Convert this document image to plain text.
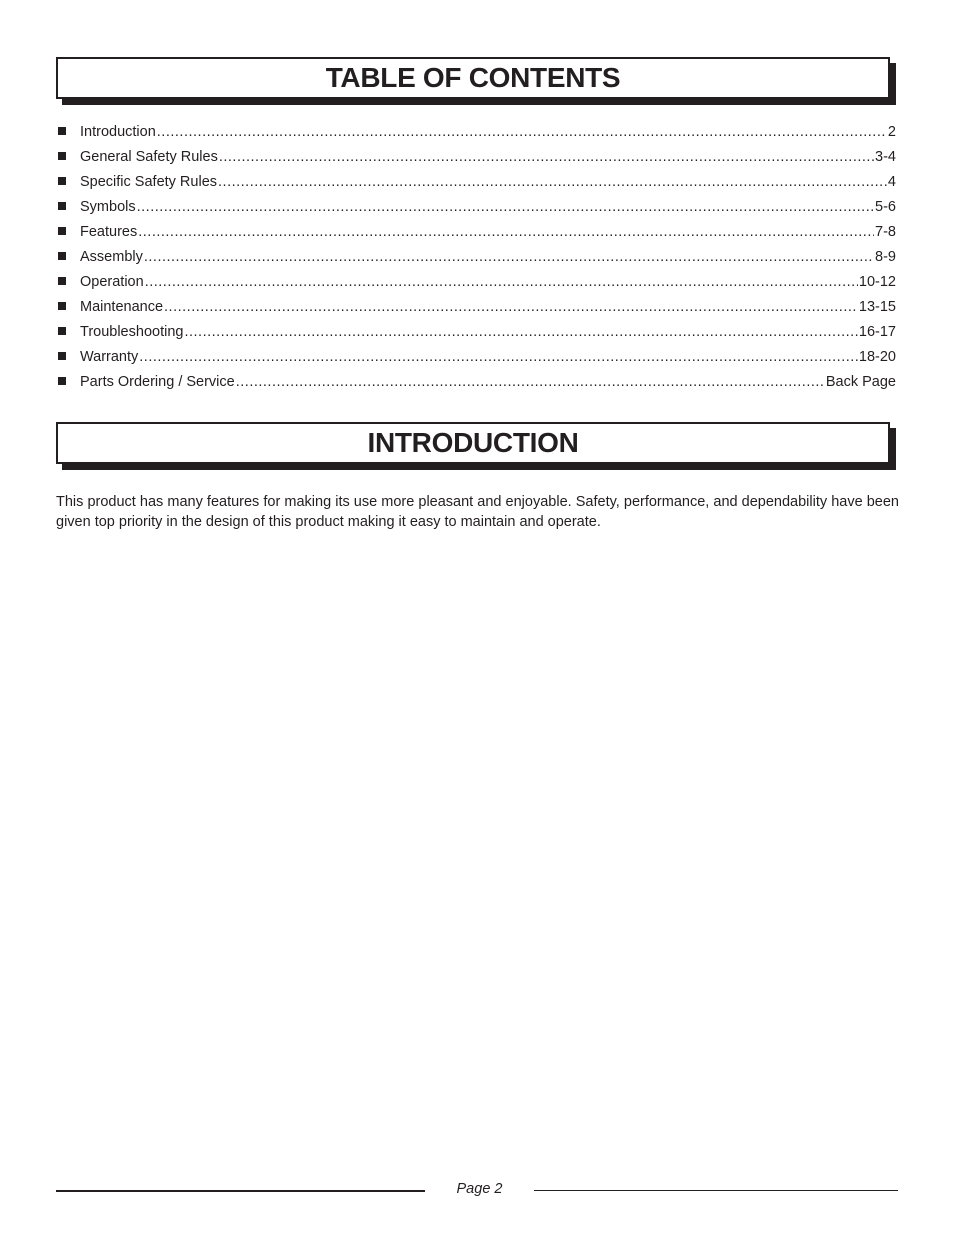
TABLE OF CONTENTS
Introduction .....	2
General Safety Rules .....	3-4
Specific Safety Rules .....	4
Symbols .....	5-6
Features .....	7-8
Assembly .....	8-9
Operation .....	10-12
Maintenance .....	13-15
Troubleshooting .....	16-17
Warranty .....	18-20
Parts Ordering / Service .....	Back Page
INTRODUCTION

This product has many features for making its use more pleasant and enjoyable. Safety, performance, and dependability have been given top priority in the design of this product making it easy to maintain and operate.

Page 2
